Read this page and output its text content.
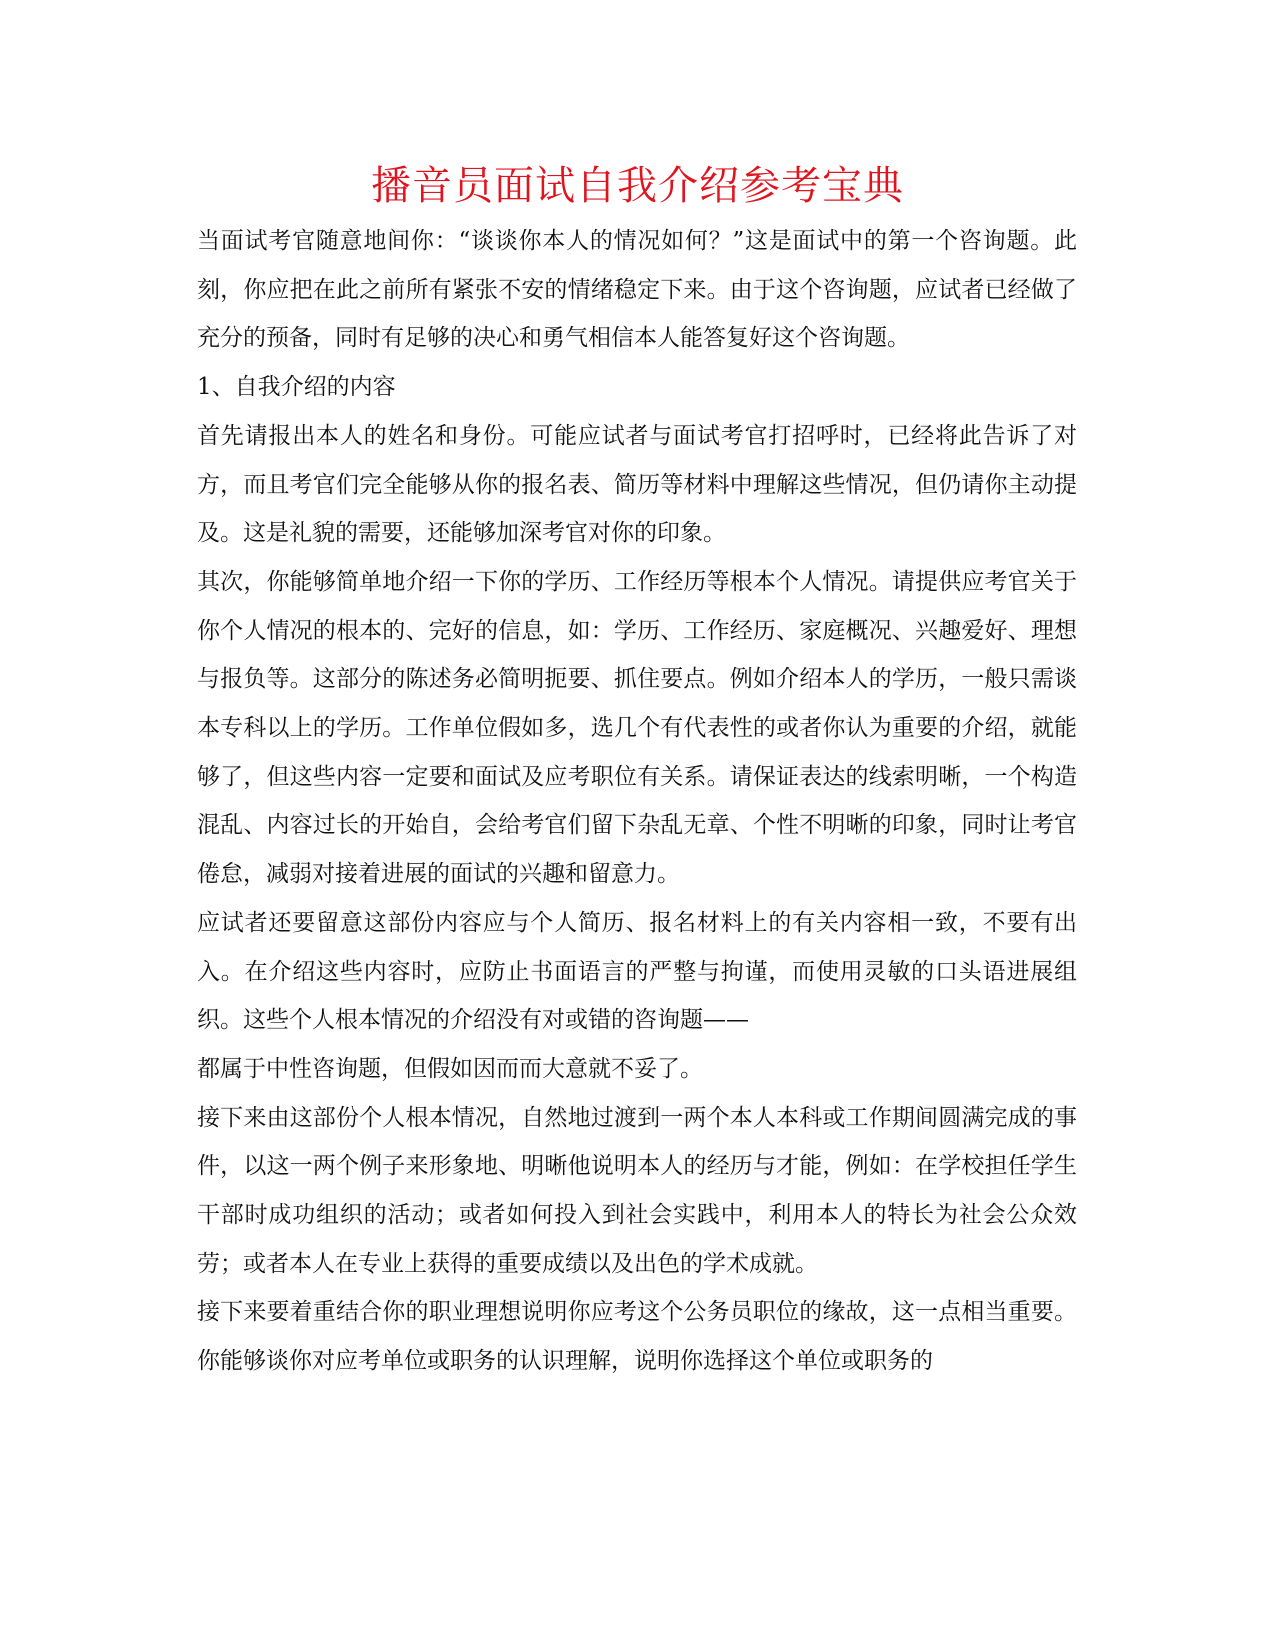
播音员面试自我介绍参考宝典

当面试考官随意地间你：“谈谈你本人的情况如何？”这是面试中的第一个咨询题。此刻，你应把在此之前所有紧张不安的情绪稳定下来。由于这个咨询题，应试者已经做了充分的预备，同时有足够的决心和勇气相信本人能答复好这个咨询题。

1、自我介绍的内容

首先请报出本人的姓名和身份。可能应试者与面试考官打招呼时，已经将此告诉了对方，而且考官们完全能够从你的报名表、简历等材料中理解这些情况，但仍请你主动提及。这是礼貌的需要，还能够加深考官对你的印象。

其次，你能够简单地介绍一下你的学历、工作经历等根本个人情况。请提供应考官关于你个人情况的根本的、完好的信息，如：学历、工作经历、家庭概况、兴趣爱好、理想与报负等。这部分的陈述务必简明扼要、抓住要点。例如介绍本人的学历，一般只需谈本专科以上的学历。工作单位假如多，选几个有代表性的或者你认为重要的介绍，就能够了，但这些内容一定要和面试及应考职位有关系。请保证表达的线索明晰，一个构造混乱、内容过长的开始自，会给考官们留下杂乱无章、个性不明晰的印象，同时让考官倦怠，减弱对接着进展的面试的兴趣和留意力。

应试者还要留意这部份内容应与个人简历、报名材料上的有关内容相一致，不要有出入。在介绍这些内容时，应防止书面语言的严整与拘谨，而使用灵敏的口头语进展组织。这些个人根本情况的介绍没有对或错的咨询题——

都属于中性咨询题，但假如因而而大意就不妥了。

接下来由这部份个人根本情况，自然地过渡到一两个本人本科或工作期间圆满完成的事件，以这一两个例子来形象地、明晰他说明本人的经历与才能，例如：在学校担任学生干部时成功组织的活动；或者如何投入到社会实践中，利用本人的特长为社会公众效劳；或者本人在专业上获得的重要成绩以及出色的学术成就。

接下来要着重结合你的职业理想说明你应考这个公务员职位的缘故，这一点相当重要。你能够谈你对应考单位或职务的认识理解，说明你选择这个单位或职务的
